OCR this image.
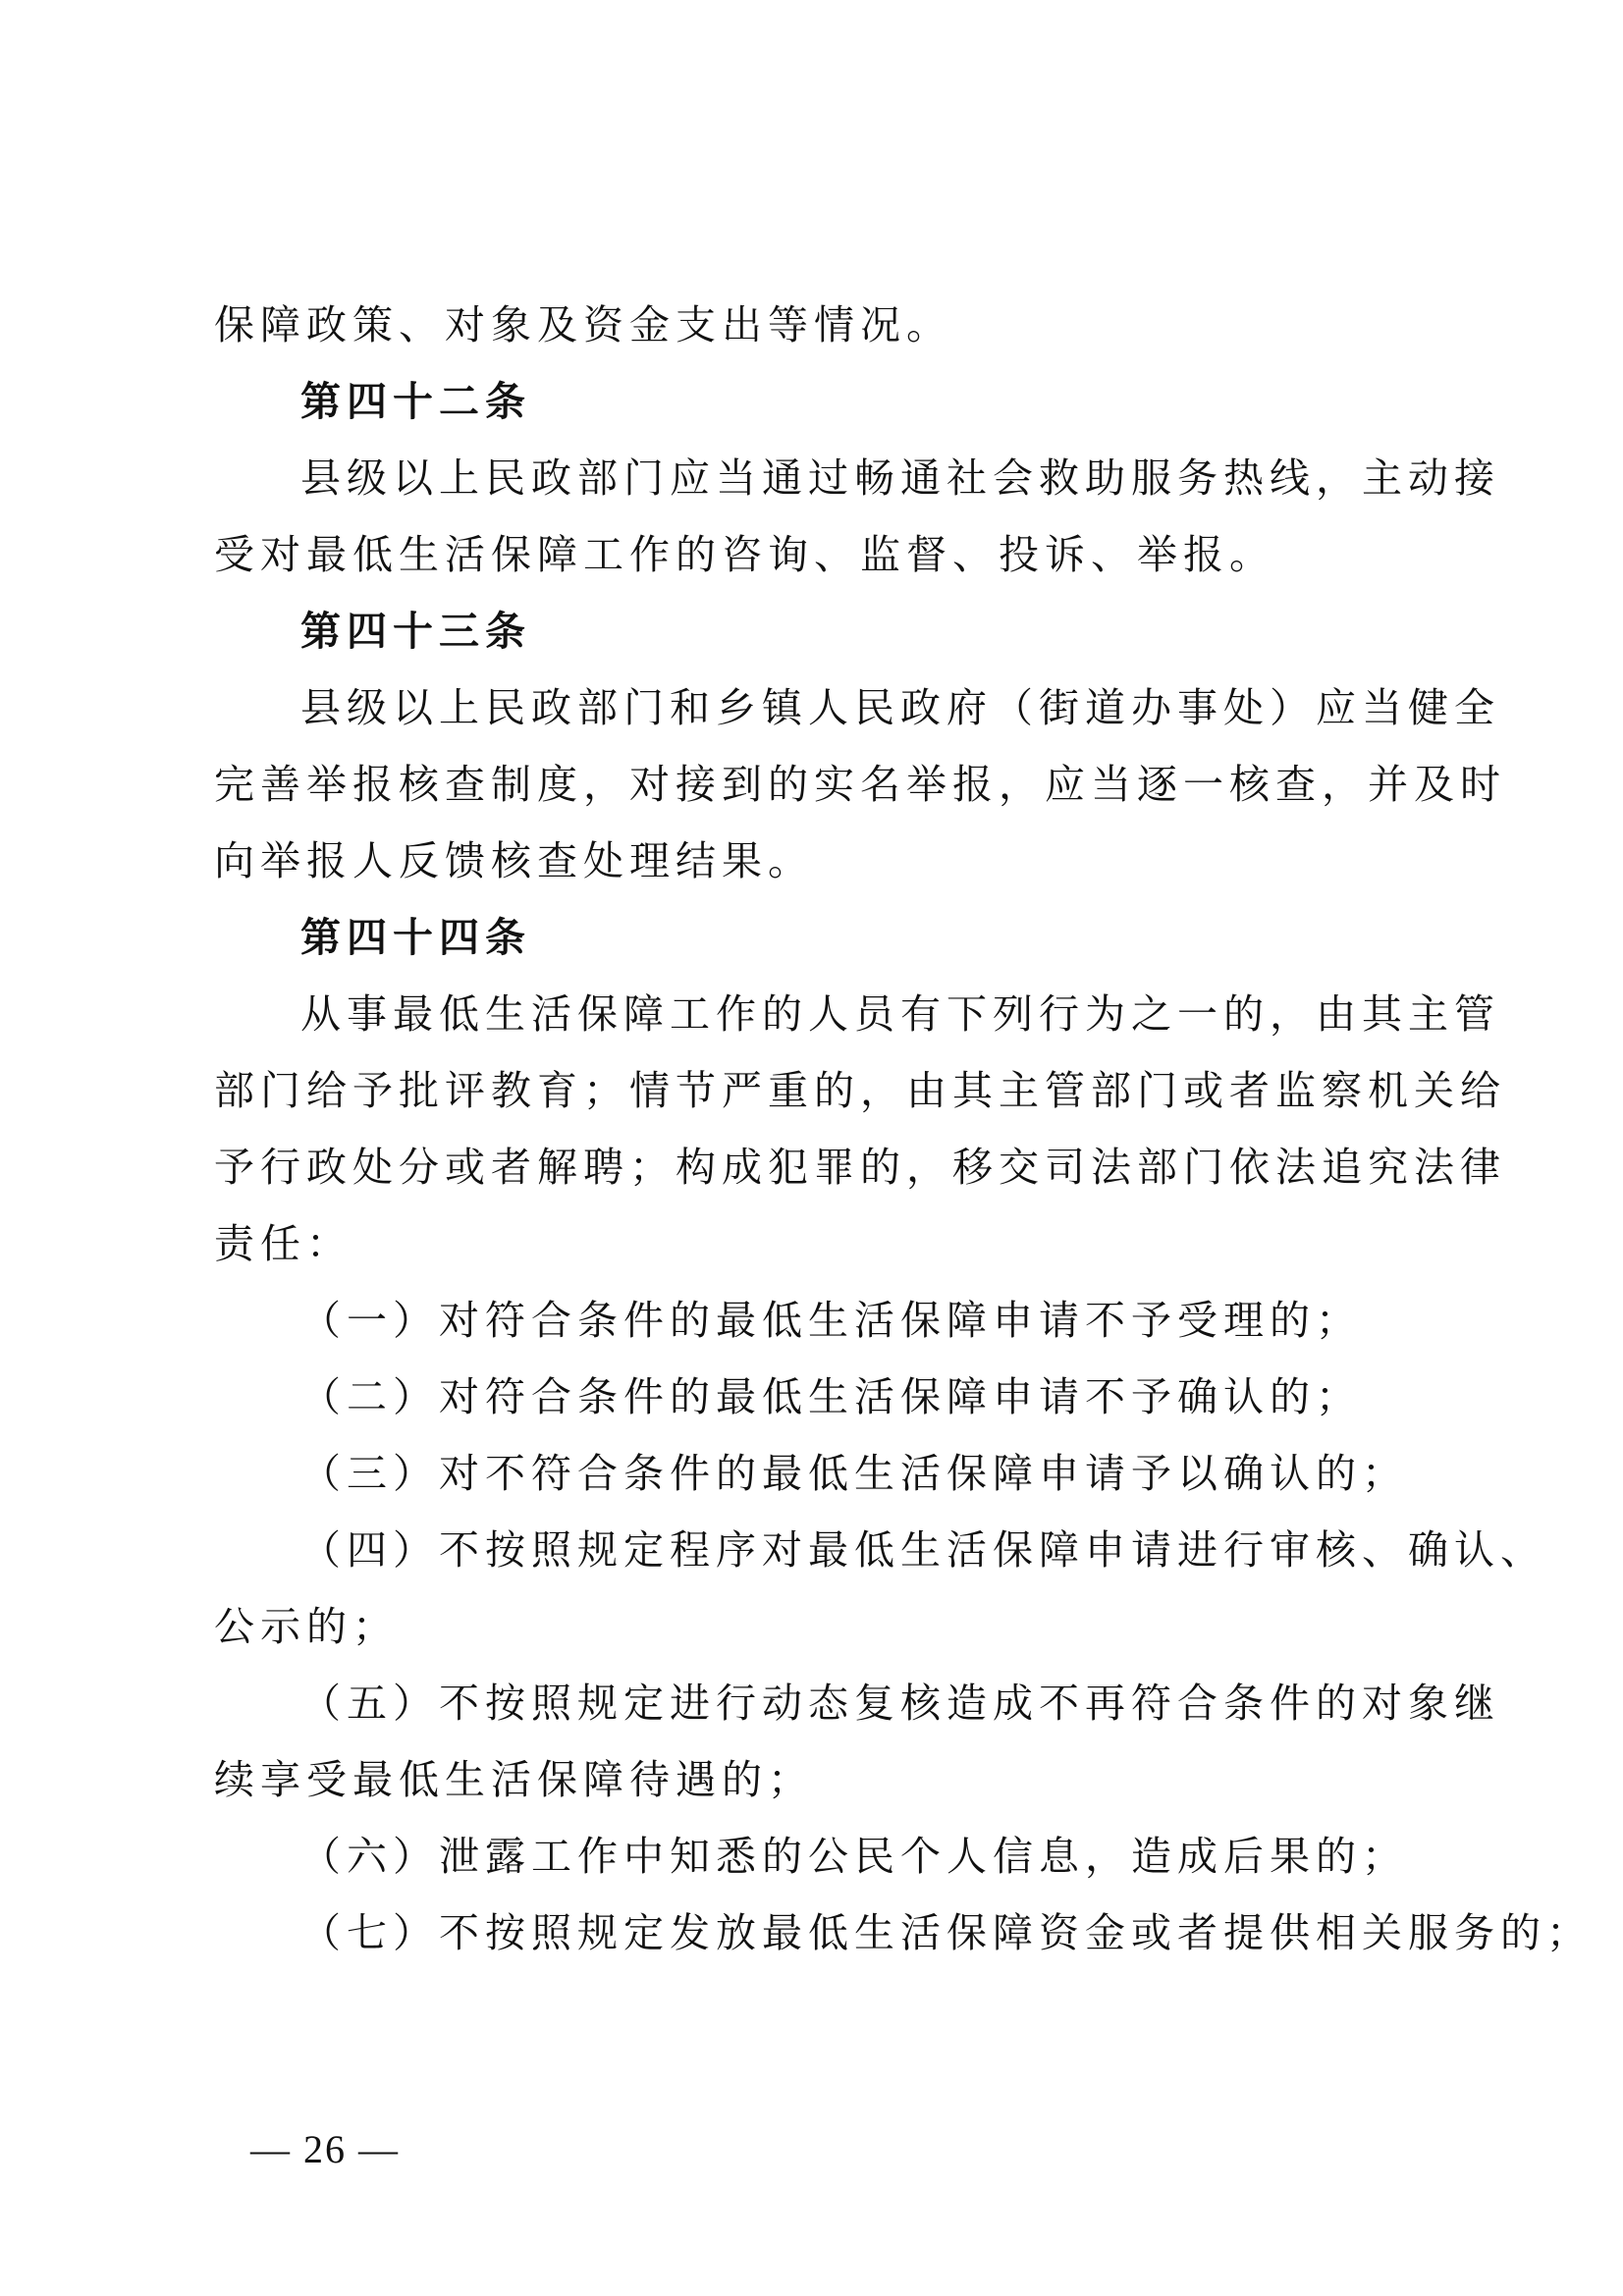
保障政策、对象及资金支出等情况。
第四十二条
县级以上民政部门应当通过畅通社会救助服务热线，主动接
受对最低生活保障工作的咨询、监督、投诉、举报。
第四十三条
县级以上民政部门和乡镇人民政府（街道办事处）应当健全
完善举报核查制度，对接到的实名举报，应当逐一核查，并及时
向举报人反馈核查处理结果。
第四十四条
从事最低生活保障工作的人员有下列行为之一的，由其主管
部门给予批评教育；情节严重的，由其主管部门或者监察机关给
予行政处分或者解聘；构成犯罪的，移交司法部门依法追究法律
责任：
（一）对符合条件的最低生活保障申请不予受理的；
（二）对符合条件的最低生活保障申请不予确认的；
（三）对不符合条件的最低生活保障申请予以确认的；
（四）不按照规定程序对最低生活保障申请进行审核、确认、
公示的；
（五）不按照规定进行动态复核造成不再符合条件的对象继
续享受最低生活保障待遇的；
（六）泄露工作中知悉的公民个人信息，造成后果的；
（七）不按照规定发放最低生活保障资金或者提供相关服务的；
— 26 —
